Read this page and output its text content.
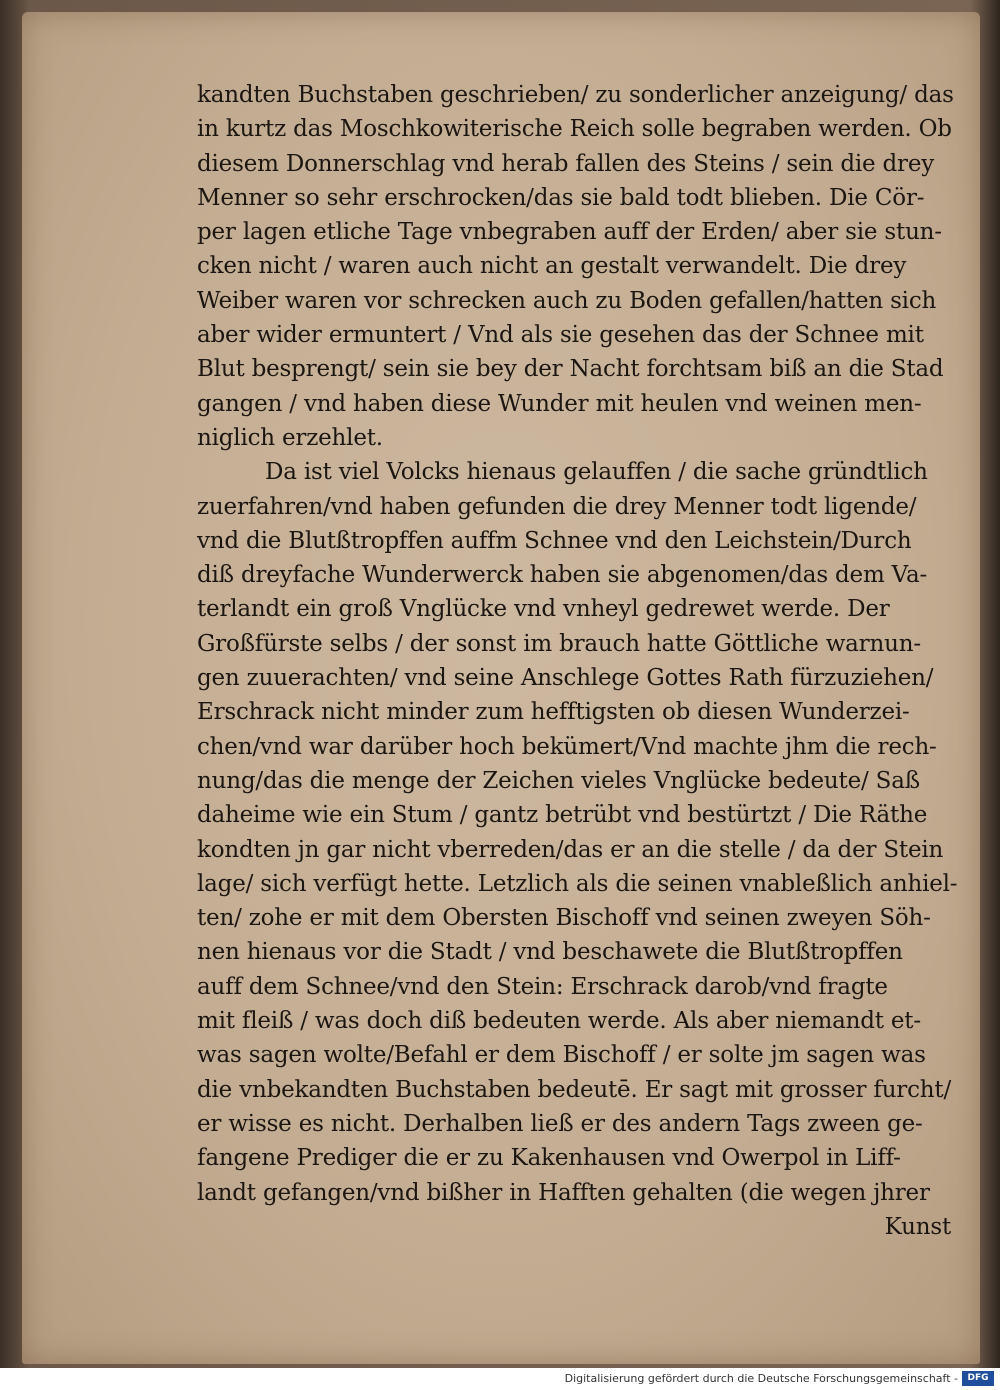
kandten Buchstaben geschrieben/ zu sonderlicher anzeigung/ das
in kurtz das Moschkowiterische Reich solle begraben werden. Ob
diesem Donnerschlag vnd herab fallen des Steins / sein die drey
Menner so sehr erschrocken/das sie bald todt blieben. Die Cör-
per lagen etliche Tage vnbegraben auff der Erden/ aber sie stun-
cken nicht / waren auch nicht an gestalt verwandelt. Die drey
Weiber waren vor schrecken auch zu Boden gefallen/hatten sich
aber wider ermuntert / Vnd als sie gesehen das der Schnee mit
Blut besprengt/ sein sie bey der Nacht forchtsam biß an die Stad
gangen / vnd haben diese Wunder mit heulen vnd weinen men-
niglich erzehlet.
Da ist viel Volcks hienaus gelauffen / die sache gründtlich
zuerfahren/vnd haben gefunden die drey Menner todt ligende/
vnd die Blutßtropffen auffm Schnee vnd den Leichstein/Durch
diß dreyfache Wunderwerck haben sie abgenomen/das dem Va-
terlandt ein groß Vnglücke vnd vnheyl gedrewet werde. Der
Großfürste selbs / der sonst im brauch hatte Göttliche warnun-
gen zuuerachten/ vnd seine Anschlege Gottes Rath fürzuziehen/
Erschrack nicht minder zum hefftigsten ob diesen Wunderzei-
chen/vnd war darüber hoch bekümert/Vnd machte jhm die rech-
nung/das die menge der Zeichen vieles Vnglücke bedeute/ Saß
daheime wie ein Stum / gantz betrübt vnd bestürtzt / Die Räthe
kondten jn gar nicht vberreden/das er an die stelle / da der Stein
lage/ sich verfügt hette. Letzlich als die seinen vnableßlich anhiel-
ten/ zohe er mit dem Obersten Bischoff vnd seinen zweyen Söh-
nen hienaus vor die Stadt / vnd beschawete die Blutßtropffen
auff dem Schnee/vnd den Stein: Erschrack darob/vnd fragte
mit fleiß / was doch diß bedeuten werde. Als aber niemandt et-
was sagen wolte/Befahl er dem Bischoff / er solte jm sagen was
die vnbekandten Buchstaben bedeutē. Er sagt mit grosser furcht/
er wisse es nicht. Derhalben ließ er des andern Tags zween ge-
fangene Prediger die er zu Kakenhausen vnd Owerpol in Liff-
landt gefangen/vnd bißher in Hafften gehalten (die wegen jhrer
Kunst
Digitalisierung gefördert durch die Deutsche Forschungsgemeinschaft -	DFG
